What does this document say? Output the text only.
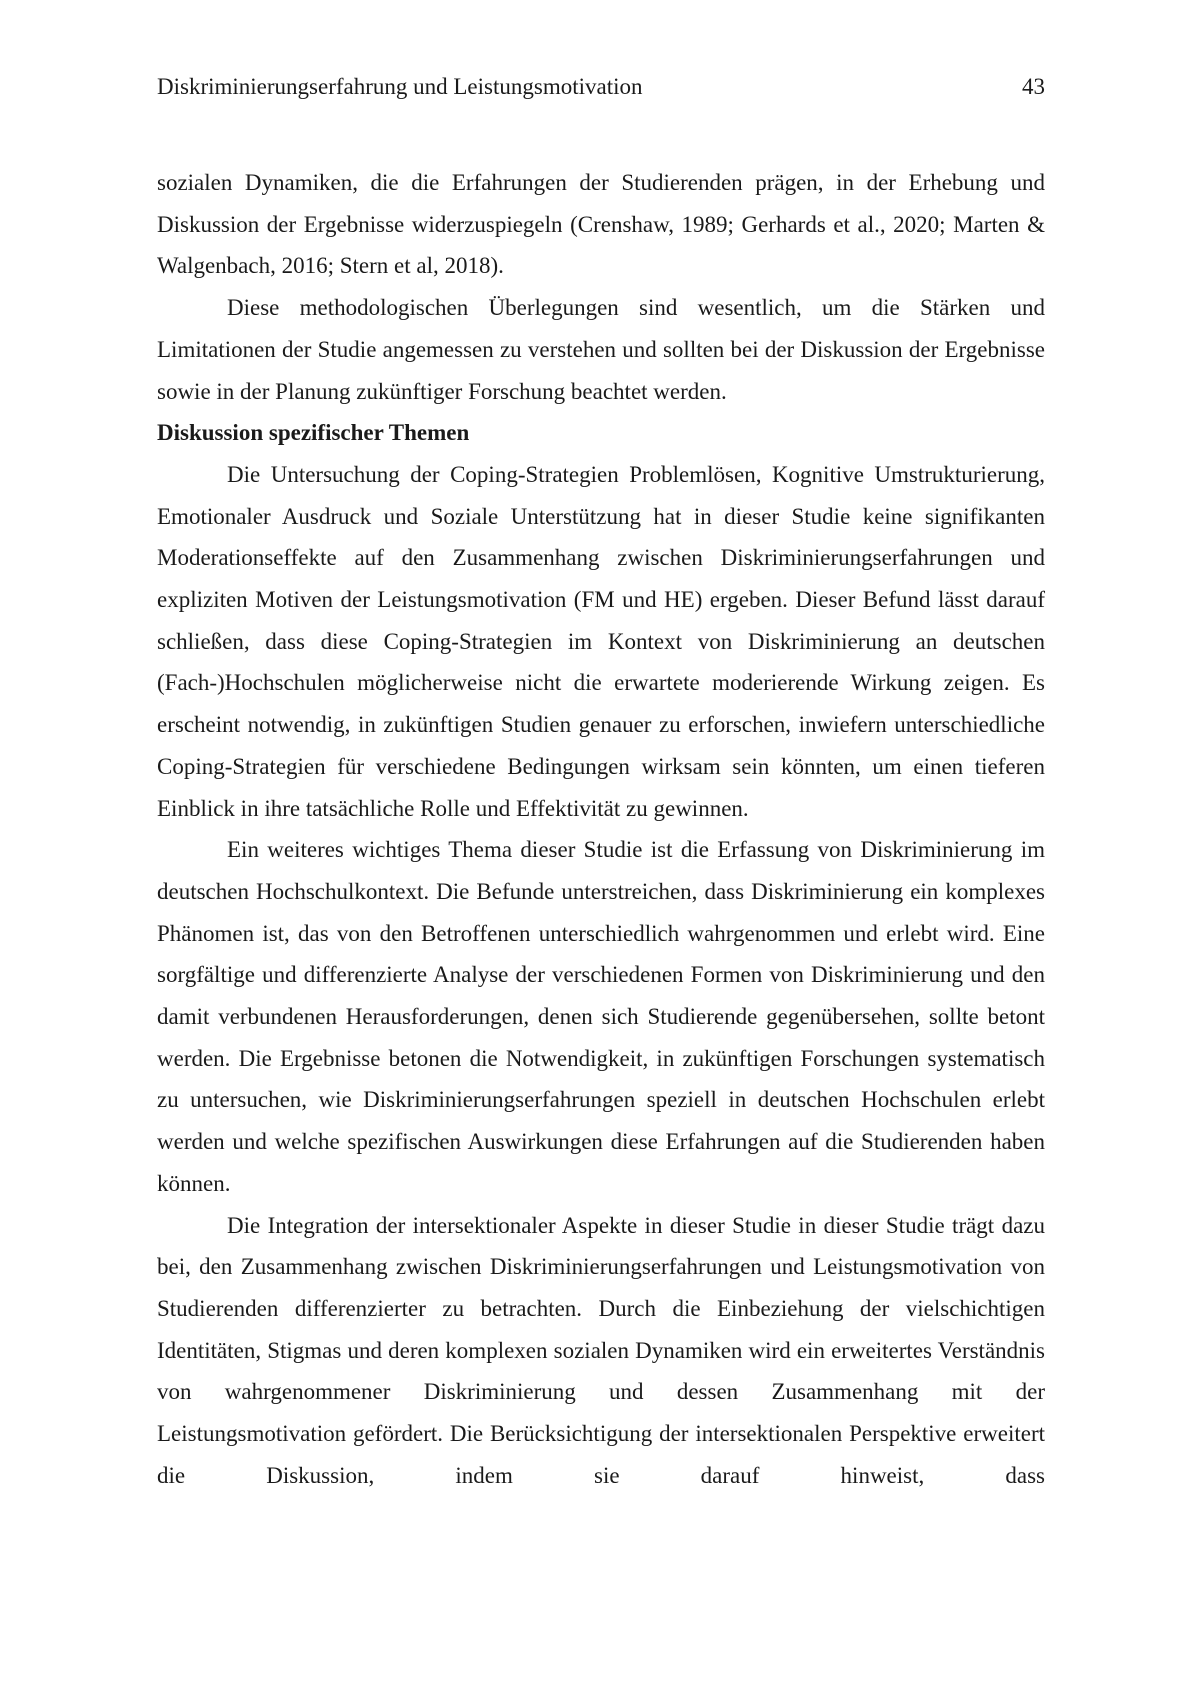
Diskriminierungserfahrung und Leistungsmotivation	43

sozialen Dynamiken, die die Erfahrungen der Studierenden prägen, in der Erhebung und Diskussion der Ergebnisse widerzuspiegeln (Crenshaw, 1989; Gerhards et al., 2020; Marten & Walgenbach, 2016; Stern et al, 2018).

Diese methodologischen Überlegungen sind wesentlich, um die Stärken und Limitationen der Studie angemessen zu verstehen und sollten bei der Diskussion der Ergebnisse sowie in der Planung zukünftiger Forschung beachtet werden.

Diskussion spezifischer Themen

Die Untersuchung der Coping-Strategien Problemlösen, Kognitive Umstrukturierung, Emotionaler Ausdruck und Soziale Unterstützung hat in dieser Studie keine signifikanten Moderationseffekte auf den Zusammenhang zwischen Diskriminierungserfahrungen und expliziten Motiven der Leistungsmotivation (FM und HE) ergeben. Dieser Befund lässt darauf schließen, dass diese Coping-Strategien im Kontext von Diskriminierung an deutschen (Fach-)Hochschulen möglicherweise nicht die erwartete moderierende Wirkung zeigen. Es erscheint notwendig, in zukünftigen Studien genauer zu erforschen, inwiefern unterschiedliche Coping-Strategien für verschiedene Bedingungen wirksam sein könnten, um einen tieferen Einblick in ihre tatsächliche Rolle und Effektivität zu gewinnen.

Ein weiteres wichtiges Thema dieser Studie ist die Erfassung von Diskriminierung im deutschen Hochschulkontext. Die Befunde unterstreichen, dass Diskriminierung ein komplexes Phänomen ist, das von den Betroffenen unterschiedlich wahrgenommen und erlebt wird. Eine sorgfältige und differenzierte Analyse der verschiedenen Formen von Diskriminierung und den damit verbundenen Herausforderungen, denen sich Studierende gegenübersehen, sollte betont werden. Die Ergebnisse betonen die Notwendigkeit, in zukünftigen Forschungen systematisch zu untersuchen, wie Diskriminierungserfahrungen speziell in deutschen Hochschulen erlebt werden und welche spezifischen Auswirkungen diese Erfahrungen auf die Studierenden haben können.

Die Integration der intersektionaler Aspekte in dieser Studie in dieser Studie trägt dazu bei, den Zusammenhang zwischen Diskriminierungserfahrungen und Leistungsmotivation von Studierenden differenzierter zu betrachten. Durch die Einbeziehung der vielschichtigen Identitäten, Stigmas und deren komplexen sozialen Dynamiken wird ein erweitertes Verständnis von wahrgenommener Diskriminierung und dessen Zusammenhang mit der Leistungsmotivation gefördert. Die Berücksichtigung der intersektionalen Perspektive erweitert die Diskussion, indem sie darauf hinweist, dass
